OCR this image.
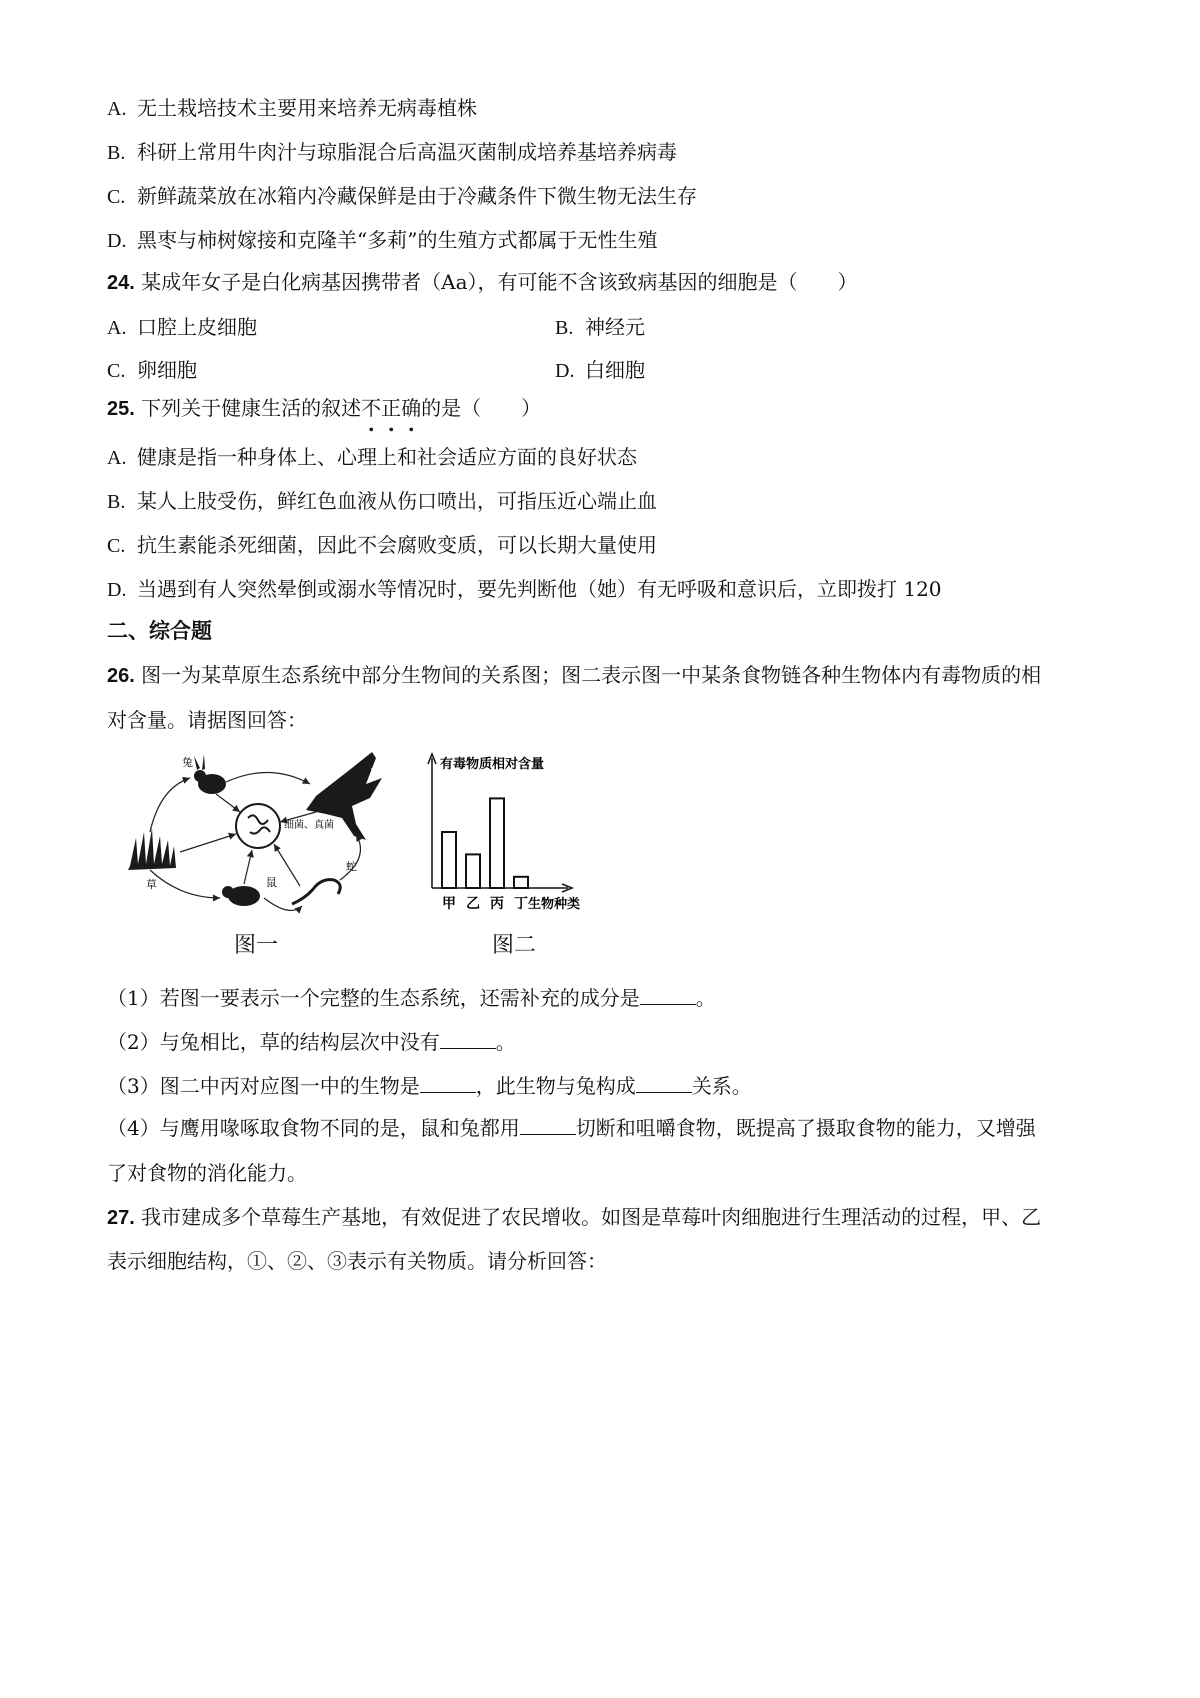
A. 无土栽培技术主要用来培养无病毒植株
B. 科研上常用牛肉汁与琼脂混合后高温灭菌制成培养基培养病毒
C. 新鲜蔬菜放在冰箱内冷藏保鲜是由于冷藏条件下微生物无法生存
D. 黑枣与柿树嫁接和克隆羊“多莉”的生殖方式都属于无性生殖
24. 某成年女子是白化病基因携带者（Aa），有可能不含该致病基因的细胞是（　　）
A. 口腔上皮细胞	B. 神经元
C. 卵细胞	D. 白细胞
25. 下列关于健康生活的叙述不正确的是（　　）
A. 健康是指一种身体上、心理上和社会适应方面的良好状态
B. 某人上肢受伤，鲜红色血液从伤口喷出，可指压近心端止血
C. 抗生素能杀死细菌，因此不会腐败变质，可以长期大量使用
D. 当遇到有人突然晕倒或溺水等情况时，要先判断他（她）有无呼吸和意识后，立即拨打 120
二、综合题
26. 图一为某草原生态系统中部分生物间的关系图；图二表示图一中某条食物链各种生物体内有毒物质的相
对含量。请据图回答：
兔
鹰
草
细菌、真菌
鼠
蛇
有毒物质相对含量
甲 乙 丙 丁 生物种类
图一	图二
（1）若图一要表示一个完整的生态系统，还需补充的成分是	。
（2）与兔相比，草的结构层次中没有	。
（3）图二中丙对应图一中的生物是	，此生物与兔构成	关系。
（4）与鹰用喙啄取食物不同的是，鼠和兔都用	切断和咀嚼食物，既提高了摄取食物的能力，又增强
了对食物的消化能力。
27. 我市建成多个草莓生产基地，有效促进了农民增收。如图是草莓叶肉细胞进行生理活动的过程，甲、乙
表示细胞结构，①、②、③表示有关物质。请分析回答：
